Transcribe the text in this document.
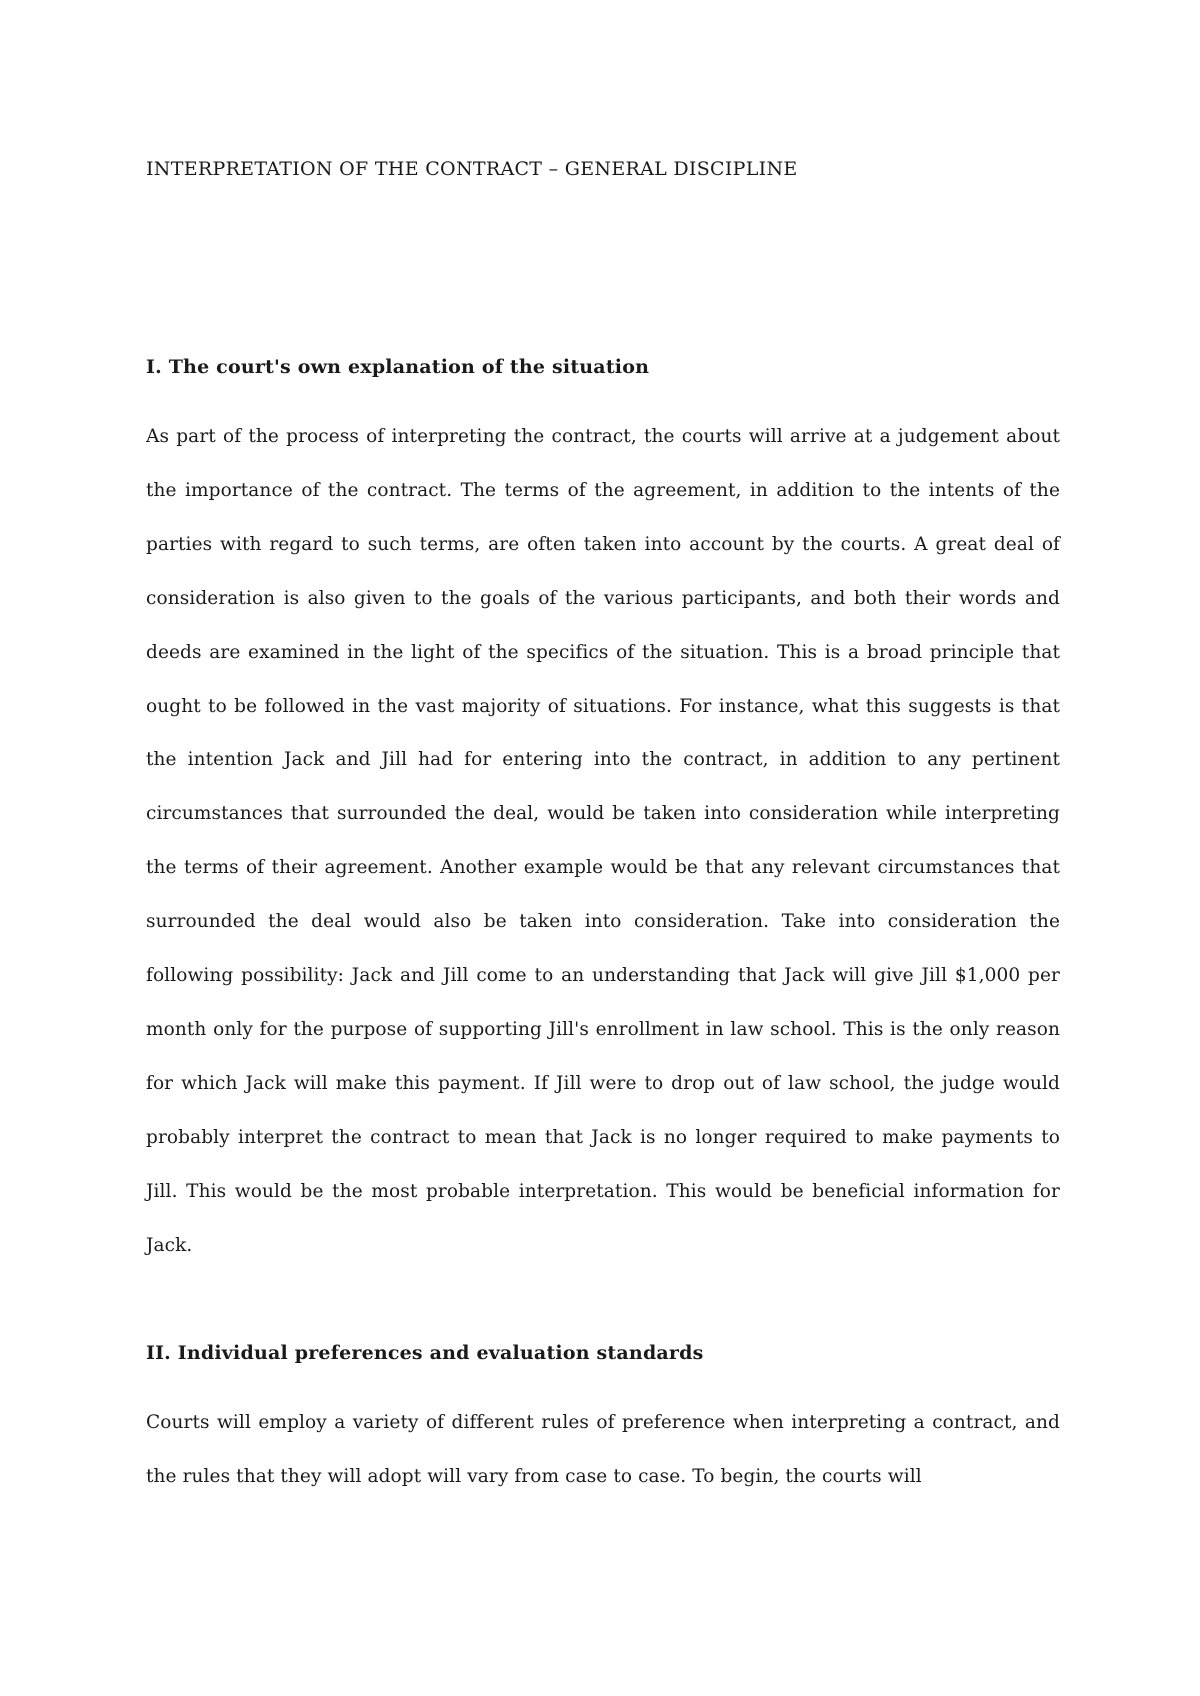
INTERPRETATION OF THE CONTRACT – GENERAL DISCIPLINE
I. The court's own explanation of the situation

As part of the process of interpreting the contract, the courts will arrive at a judgement about the importance of the contract. The terms of the agreement, in addition to the intents of the parties with regard to such terms, are often taken into account by the courts. A great deal of consideration is also given to the goals of the various participants, and both their words and deeds are examined in the light of the specifics of the situation. This is a broad principle that ought to be followed in the vast majority of situations. For instance, what this suggests is that the intention Jack and Jill had for entering into the contract, in addition to any pertinent circumstances that surrounded the deal, would be taken into consideration while interpreting the terms of their agreement. Another example would be that any relevant circumstances that surrounded the deal would also be taken into consideration. Take into consideration the following possibility: Jack and Jill come to an understanding that Jack will give Jill $1,000 per month only for the purpose of supporting Jill's enrollment in law school. This is the only reason for which Jack will make this payment. If Jill were to drop out of law school, the judge would probably interpret the contract to mean that Jack is no longer required to make payments to Jill. This would be the most probable interpretation. This would be beneficial information for Jack.

II. Individual preferences and evaluation standards

Courts will employ a variety of different rules of preference when interpreting a contract, and the rules that they will adopt will vary from case to case. To begin, the courts will
